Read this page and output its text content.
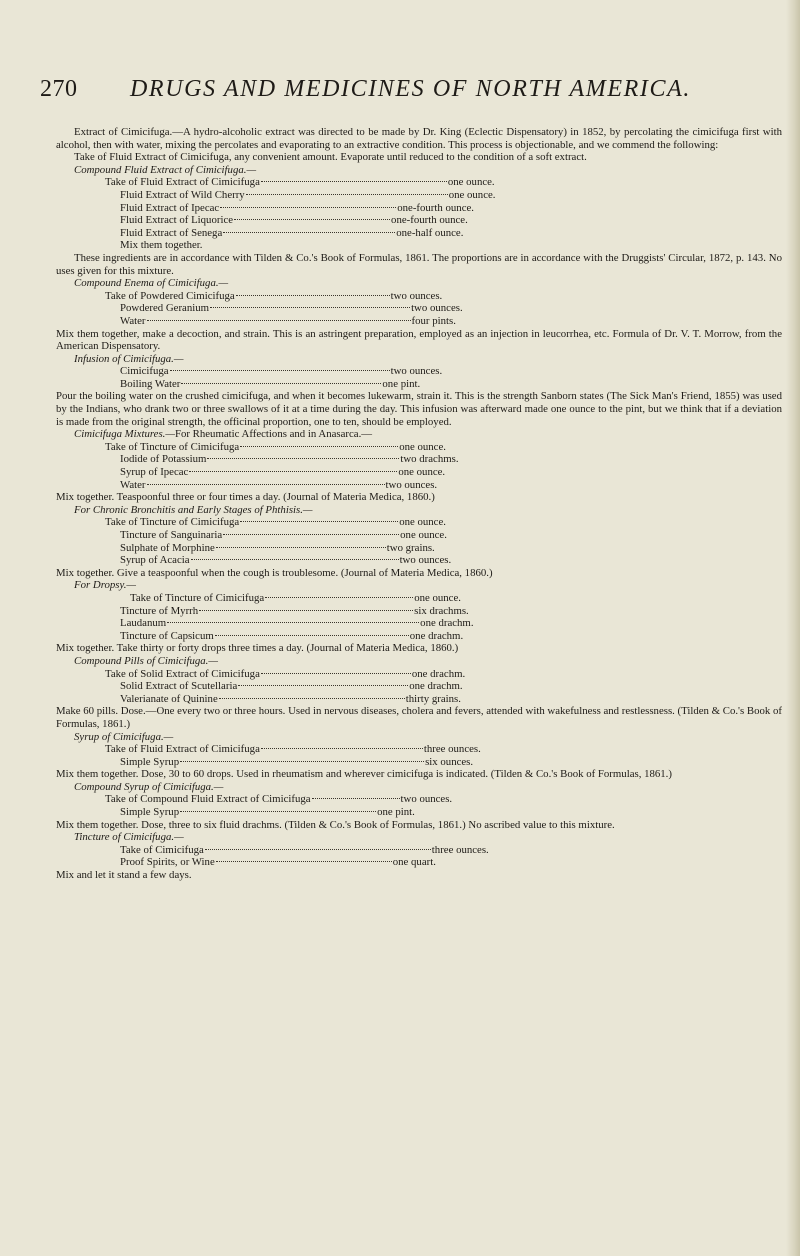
270 DRUGS AND MEDICINES OF NORTH AMERICA.

Extract of Cimicifuga.—A hydro-alcoholic extract was directed to be made by Dr. King (Eclectic Dispensatory) in 1852, by percolating the cimicifuga first with alcohol, then with water, mixing the percolates and evaporating to an extractive condition. This process is objectionable, and we commend the following:

Take of Fluid Extract of Cimicifuga, any convenient amount. Evaporate until reduced to the condition of a soft extract.

Compound Fluid Extract of Cimicifuga.—

Take of Fluid Extract of Cimicifuga	one ounce.
Fluid Extract of Wild Cherry	one ounce.
Fluid Extract of Ipecac	one-fourth ounce.
Fluid Extract of Liquorice	one-fourth ounce.
Fluid Extract of Senega	one-half ounce.

Mix them together.

These ingredients are in accordance with Tilden & Co.'s Book of Formulas, 1861. The proportions are in accordance with the Druggists' Circular, 1872, p. 143. No uses given for this mixture.

Compound Enema of Cimicifuga.—

Take of Powdered Cimicifuga	two ounces.
Powdered Geranium	two ounces.
Water	four pints.

Mix them together, make a decoction, and strain. This is an astringent preparation, employed as an injection in leucorrhea, etc. Formula of Dr. V. T. Morrow, from the American Dispensatory.

Infusion of Cimicifuga.—

Cimicifuga	two ounces.
Boiling Water	one pint.

Pour the boiling water on the crushed cimicifuga, and when it becomes lukewarm, strain it. This is the strength Sanborn states (The Sick Man's Friend, 1855) was used by the Indians, who drank two or three swallows of it at a time during the day. This infusion was afterward made one ounce to the pint, but we think that if a deviation is made from the original strength, the officinal proportion, one to ten, should be employed.

Cimicifuga Mixtures.—For Rheumatic Affections and in Anasarca.—

Take of Tincture of Cimicifuga	one ounce.
Iodide of Potassium	two drachms.
Syrup of Ipecac	one ounce.
Water	two ounces.

Mix together. Teaspoonful three or four times a day. (Journal of Materia Medica, 1860.)

For Chronic Bronchitis and Early Stages of Phthisis.—

Take of Tincture of Cimicifuga	one ounce.
Tincture of Sanguinaria	one ounce.
Sulphate of Morphine	two grains.
Syrup of Acacia	two ounces.

Mix together. Give a teaspoonful when the cough is troublesome. (Journal of Materia Medica, 1860.)

For Dropsy.—

Take of Tincture of Cimicifuga	one ounce.
Tincture of Myrrh	six drachms.
Laudanum	one drachm.
Tincture of Capsicum	one drachm.

Mix together. Take thirty or forty drops three times a day. (Journal of Materia Medica, 1860.)

Compound Pills of Cimicifuga.—

Take of Solid Extract of Cimicifuga	one drachm.
Solid Extract of Scutellaria	one drachm.
Valerianate of Quinine	thirty grains.

Make 60 pills. Dose.—One every two or three hours. Used in nervous diseases, cholera and fevers, attended with wakefulness and restlessness. (Tilden & Co.'s Book of Formulas, 1861.)

Syrup of Cimicifuga.—

Take of Fluid Extract of Cimicifuga	three ounces.
Simple Syrup	six ounces.

Mix them together. Dose, 30 to 60 drops. Used in rheumatism and wherever cimicifuga is indicated. (Tilden & Co.'s Book of Formulas, 1861.)

Compound Syrup of Cimicifuga.—

Take of Compound Fluid Extract of Cimicifuga	two ounces.
Simple Syrup	one pint.

Mix them together. Dose, three to six fluid drachms. (Tilden & Co.'s Book of Formulas, 1861.) No ascribed value to this mixture.

Tincture of Cimicifuga.—

Take of Cimicifuga	three ounces.
Proof Spirits, or Wine	one quart.

Mix and let it stand a few days.
